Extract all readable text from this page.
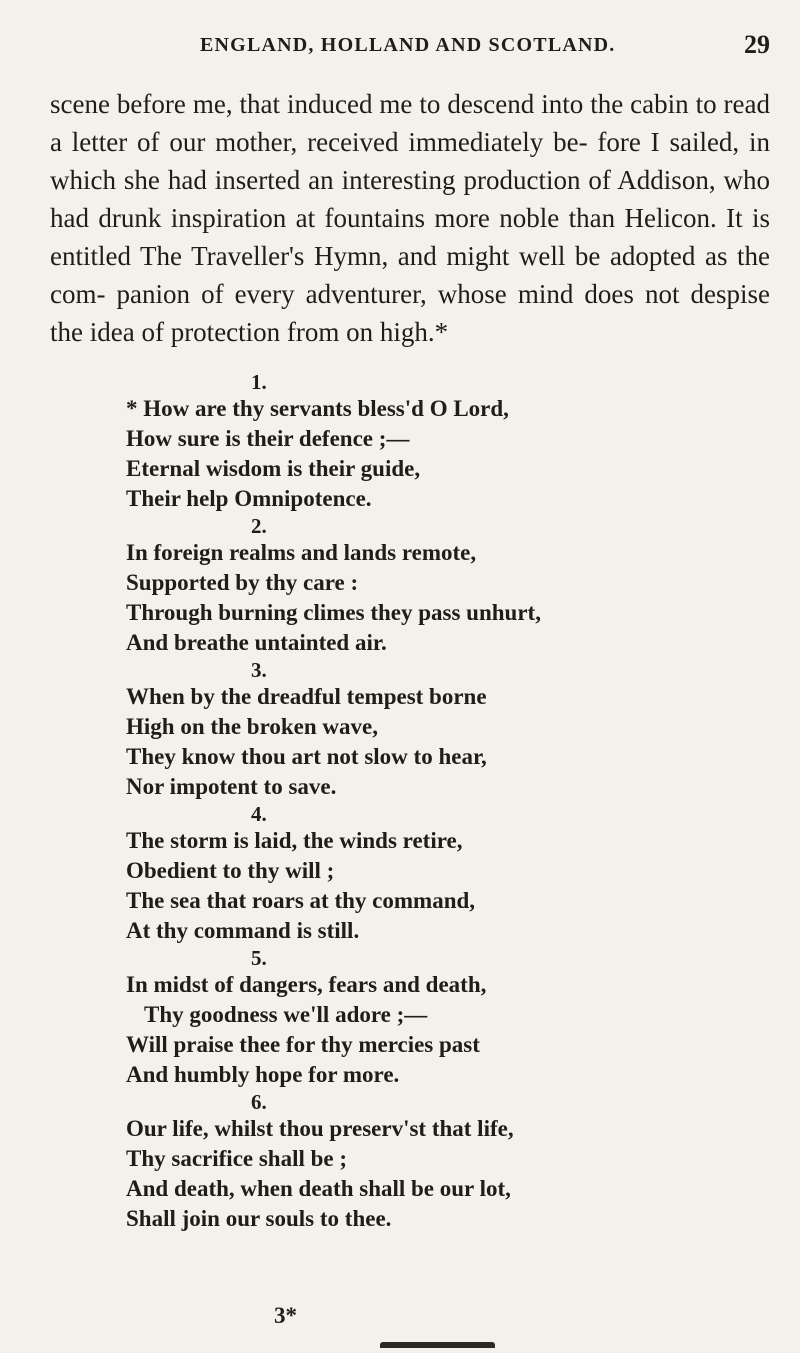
ENGLAND, HOLLAND AND SCOTLAND.	29

scene before me, that induced me to descend into the cabin to read a letter of our mother, received immediately be- fore I sailed, in which she had inserted an interesting production of Addison, who had drunk inspiration at fountains more noble than Helicon. It is entitled The Traveller's Hymn, and might well be adopted as the com- panion of every adventurer, whose mind does not despise the idea of protection from on high.*

1.
* How are thy servants bless'd O Lord,
How sure is their defence ;—
Eternal wisdom is their guide,
Their help Omnipotence.
2.
In foreign realms and lands remote,
Supported by thy care :
Through burning climes they pass unhurt,
And breathe untainted air.
3.
When by the dreadful tempest borne
High on the broken wave,
They know thou art not slow to hear,
Nor impotent to save.
4.
The storm is laid, the winds retire,
Obedient to thy will ;
The sea that roars at thy command,
At thy command is still.
5.
In midst of dangers, fears and death,
Thy goodness we'll adore ;—
Will praise thee for thy mercies past
And humbly hope for more.
6.
Our life, whilst thou preserv'st that life,
Thy sacrifice shall be ;
And death, when death shall be our lot,
Shall join our souls to thee.
3*
